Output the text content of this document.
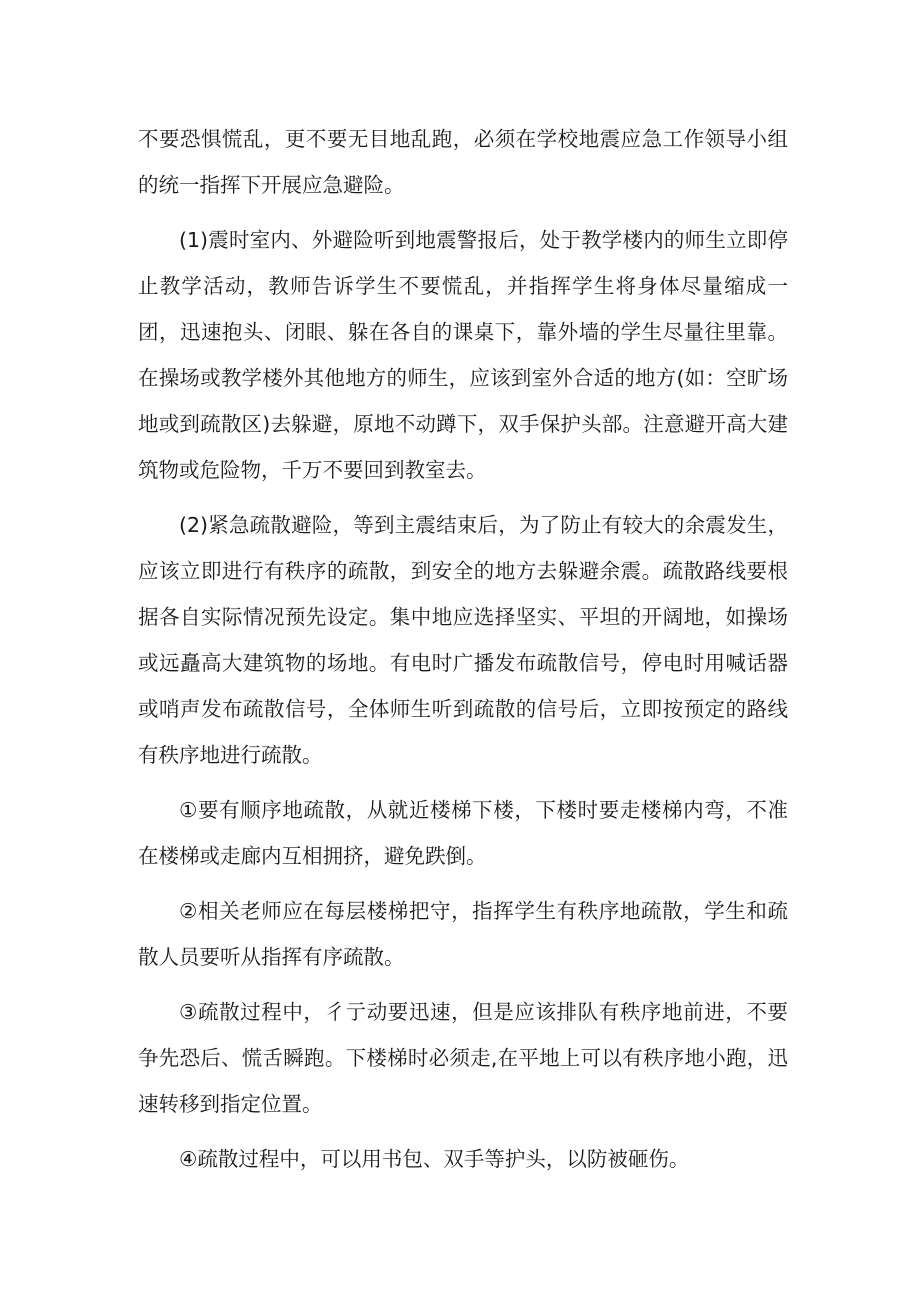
不要恐惧慌乱，更不要无目地乱跑，必须在学校地震应急工作领导小组的统一指挥下开展应急避险。

(1)震时室内、外避险听到地震警报后，处于教学楼内的师生立即停止教学活动，教师告诉学生不要慌乱，并指挥学生将身体尽量缩成一团，迅速抱头、闭眼、躲在各自的课桌下，靠外墙的学生尽量往里靠。在操场或教学楼外其他地方的师生，应该到室外合适的地方(如：空旷场地或到疏散区)去躲避，原地不动蹲下，双手保护头部。注意避开高大建筑物或危险物，千万不要回到教室去。

(2)紧急疏散避险，等到主震结束后，为了防止有较大的余震发生，应该立即进行有秩序的疏散，到安全的地方去躲避余震。疏散路线要根据各自实际情况预先设定。集中地应选择坚实、平坦的开阔地，如操场或远矗高大建筑物的场地。有电时广播发布疏散信号，停电时用喊话器或哨声发布疏散信号，全体师生听到疏散的信号后，立即按预定的路线有秩序地进行疏散。

①要有顺序地疏散，从就近楼梯下楼，下楼时要走楼梯内弯，不准在楼梯或走廊内互相拥挤，避免跌倒。

②相关老师应在每层楼梯把守，指挥学生有秩序地疏散，学生和疏散人员要听从指挥有序疏散。

③疏散过程中，彳亍动要迅速，但是应该排队有秩序地前进，不要争先恐后、慌舌瞬跑。下楼梯时必须走,在平地上可以有秩序地小跑，迅速转移到指定位置。

④疏散过程中，可以用书包、双手等护头，以防被砸伤。
